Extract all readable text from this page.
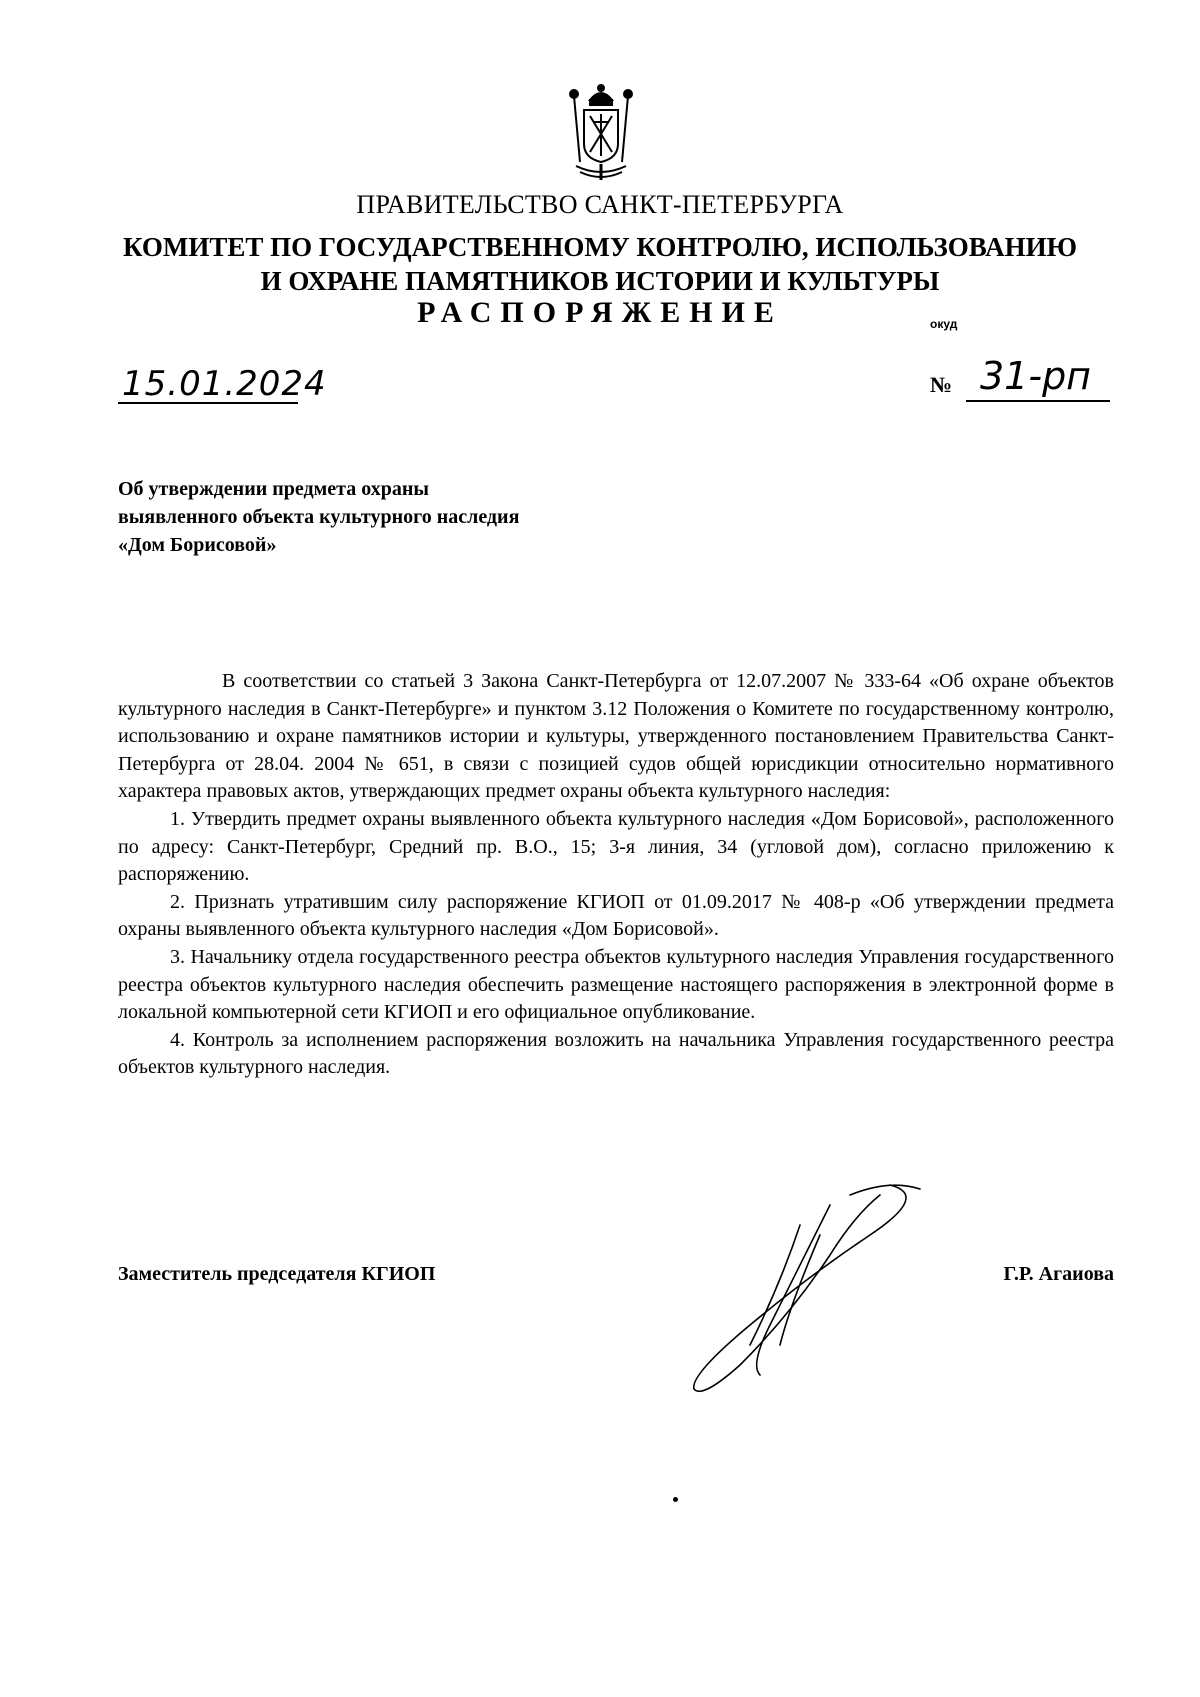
ПРАВИТЕЛЬСТВО САНКТ-ПЕТЕРБУРГА
КОМИТЕТ ПО ГОСУДАРСТВЕННОМУ КОНТРОЛЮ, ИСПОЛЬЗОВАНИЮ
И ОХРАНЕ ПАМЯТНИКОВ ИСТОРИИ И КУЛЬТУРЫ
РАСПОРЯЖЕНИЕ	окуд
15.01.2024	№ 31-рп
Об утверждении предмета охраны
выявленного объекта культурного наследия
«Дом Борисовой»

В соответствии со статьей 3 Закона Санкт-Петербурга от 12.07.2007 № 333-64 «Об охране объектов культурного наследия в Санкт-Петербурге» и пунктом 3.12 Положения о Комитете по государственному контролю, использованию и охране памятников истории и культуры, утвержденного постановлением Правительства Санкт-Петербурга от 28.04. 2004 № 651, в связи с позицией судов общей юрисдикции относительно нормативного характера правовых актов, утверждающих предмет охраны объекта культурного наследия:

1. Утвердить предмет охраны выявленного объекта культурного наследия «Дом Борисовой», расположенного по адресу: Санкт-Петербург, Средний пр. В.О., 15; 3-я линия, 34 (угловой дом), согласно приложению к распоряжению.

2. Признать утратившим силу распоряжение КГИОП от 01.09.2017 № 408-р «Об утверждении предмета охраны выявленного объекта культурного наследия «Дом Борисовой».

3. Начальнику отдела государственного реестра объектов культурного наследия Управления государственного реестра объектов культурного наследия обеспечить размещение настоящего распоряжения в электронной форме в локальной компьютерной сети КГИОП и его официальное опубликование.

4. Контроль за исполнением распоряжения возложить на начальника Управления государственного реестра объектов культурного наследия.

Заместитель председателя КГИОП	Г.Р. Агаиова
